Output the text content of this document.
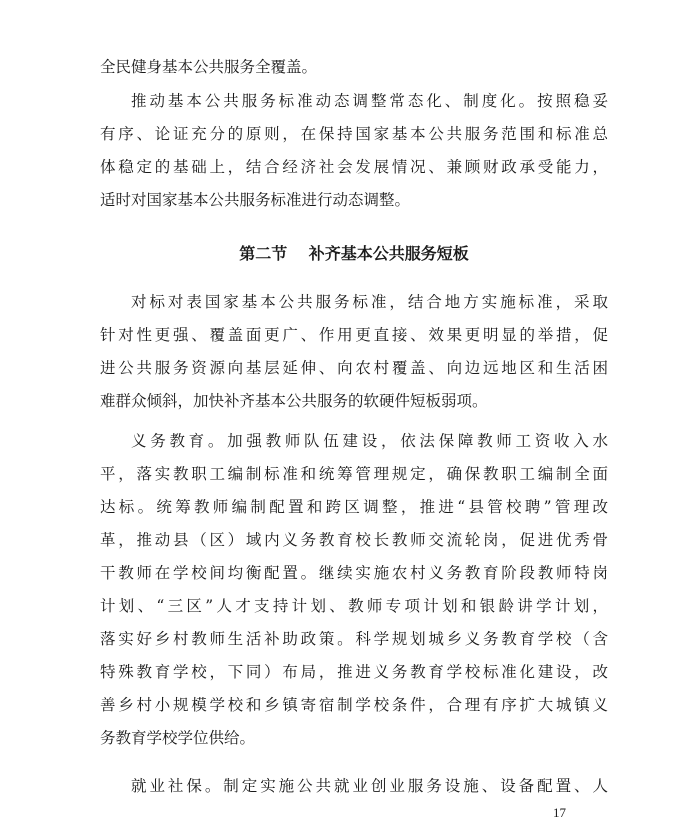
全民健身基本公共服务全覆盖。
推动基本公共服务标准动态调整常态化、制度化。按照稳妥
有序、论证充分的原则，在保持国家基本公共服务范围和标准总
体稳定的基础上，结合经济社会发展情况、兼顾财政承受能力，
适时对国家基本公共服务标准进行动态调整。
第二节 补齐基本公共服务短板
对标对表国家基本公共服务标准，结合地方实施标准，采取
针对性更强、覆盖面更广、作用更直接、效果更明显的举措，促
进公共服务资源向基层延伸、向农村覆盖、向边远地区和生活困
难群众倾斜，加快补齐基本公共服务的软硬件短板弱项。
义务教育。加强教师队伍建设，依法保障教师工资收入水
平，落实教职工编制标准和统筹管理规定，确保教职工编制全面
达标。统筹教师编制配置和跨区调整，推进“县管校聘”管理改
革，推动县（区）域内义务教育校长教师交流轮岗，促进优秀骨
干教师在学校间均衡配置。继续实施农村义务教育阶段教师特岗
计划、“三区”人才支持计划、教师专项计划和银龄讲学计划，
落实好乡村教师生活补助政策。科学规划城乡义务教育学校（含
特殊教育学校，下同）布局，推进义务教育学校标准化建设，改
善乡村小规模学校和乡镇寄宿制学校条件，合理有序扩大城镇义
务教育学校学位供给。
就业社保。制定实施公共就业创业服务设施、设备配置、人
17
